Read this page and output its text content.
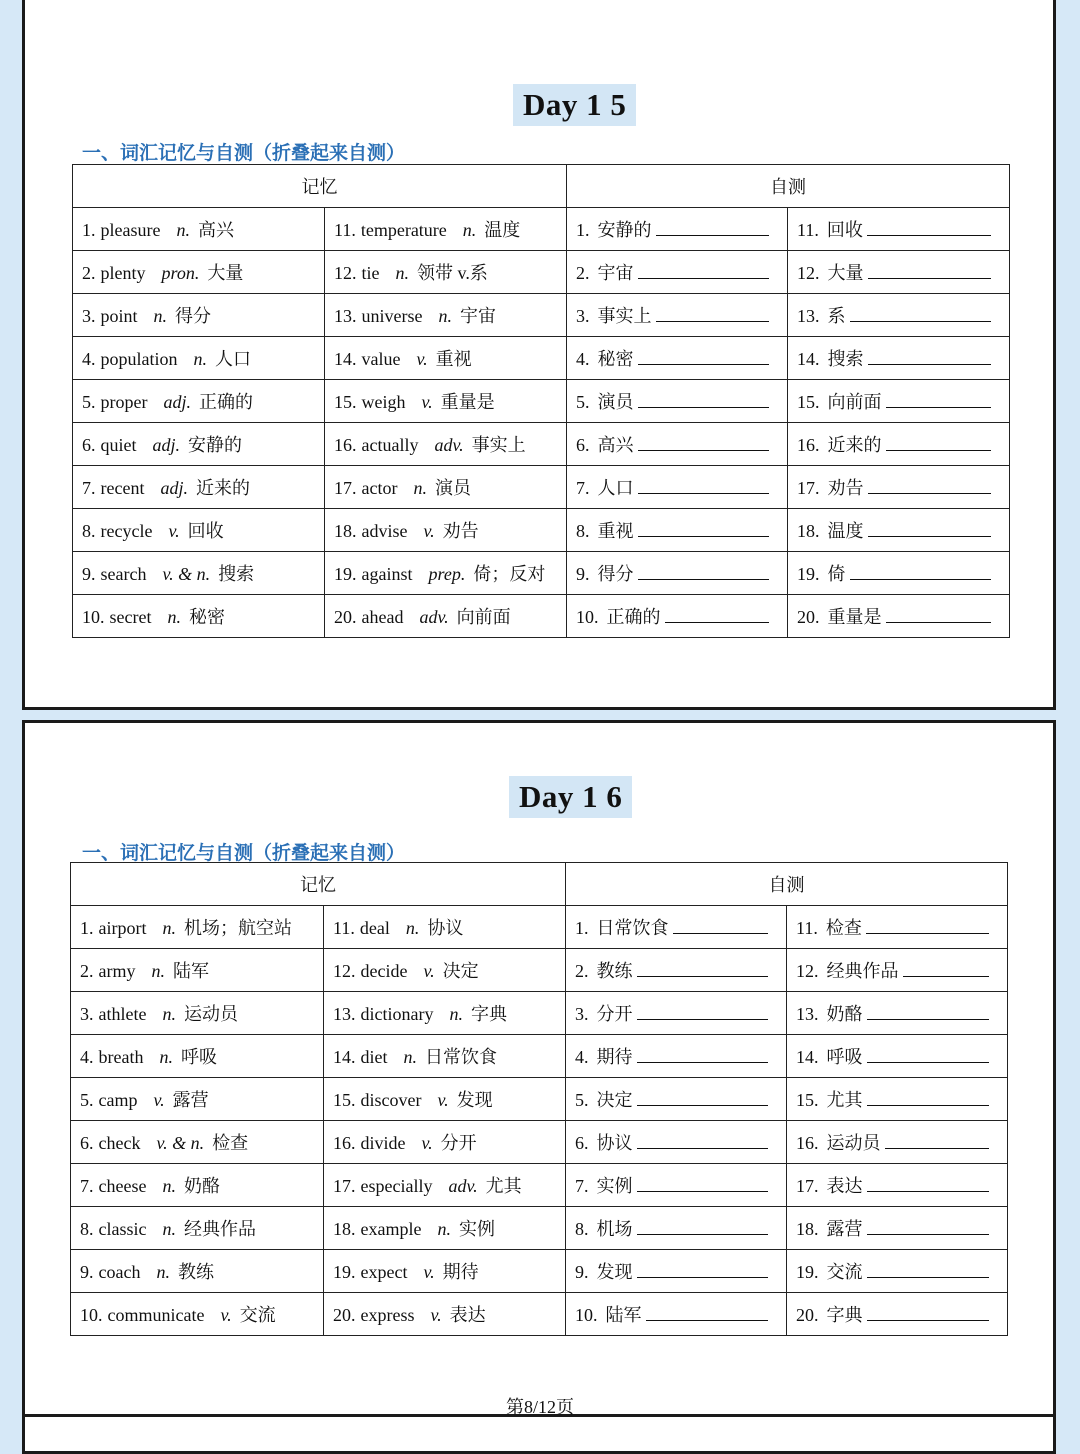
Day 1 5
一、词汇记忆与自测（折叠起来自测）
记忆		自测	
1. pleasure n. 高兴	11. temperature n. 温度	1. 安静的	11. 回收
2. plenty pron. 大量	12. tie n. 领带 v.系	2. 宇宙	12. 大量
3. point n. 得分	13. universe n. 宇宙	3. 事实上	13. 系
4. population n. 人口	14. value v. 重视	4. 秘密	14. 搜索
5. proper adj. 正确的	15. weigh v. 重量是	5. 演员	15. 向前面
6. quiet adj. 安静的	16. actually adv. 事实上	6. 高兴	16. 近来的
7. recent adj. 近来的	17. actor n. 演员	7. 人口	17. 劝告
8. recycle v. 回收	18. advise v. 劝告	8. 重视	18. 温度
9. search v. & n. 搜索	19. against prep. 倚；反对	9. 得分	19. 倚
10. secret n. 秘密	20. ahead adv. 向前面	10. 正确的	20. 重量是
Day 1 6
一、词汇记忆与自测（折叠起来自测）
记忆		自测	
1. airport n. 机场；航空站	11. deal n. 协议	1. 日常饮食	11. 检查
2. army n. 陆军	12. decide v. 决定	2. 教练	12. 经典作品
3. athlete n. 运动员	13. dictionary n. 字典	3. 分开	13. 奶酪
4. breath n. 呼吸	14. diet n. 日常饮食	4. 期待	14. 呼吸
5. camp v. 露营	15. discover v. 发现	5. 决定	15. 尤其
6. check v. & n. 检查	16. divide v. 分开	6. 协议	16. 运动员
7. cheese n. 奶酪	17. especially adv. 尤其	7. 实例	17. 表达
8. classic n. 经典作品	18. example n. 实例	8. 机场	18. 露营
9. coach n. 教练	19. expect v. 期待	9. 发现	19. 交流
10. communicate v. 交流	20. express v. 表达	10. 陆军	20. 字典
第8/12页
